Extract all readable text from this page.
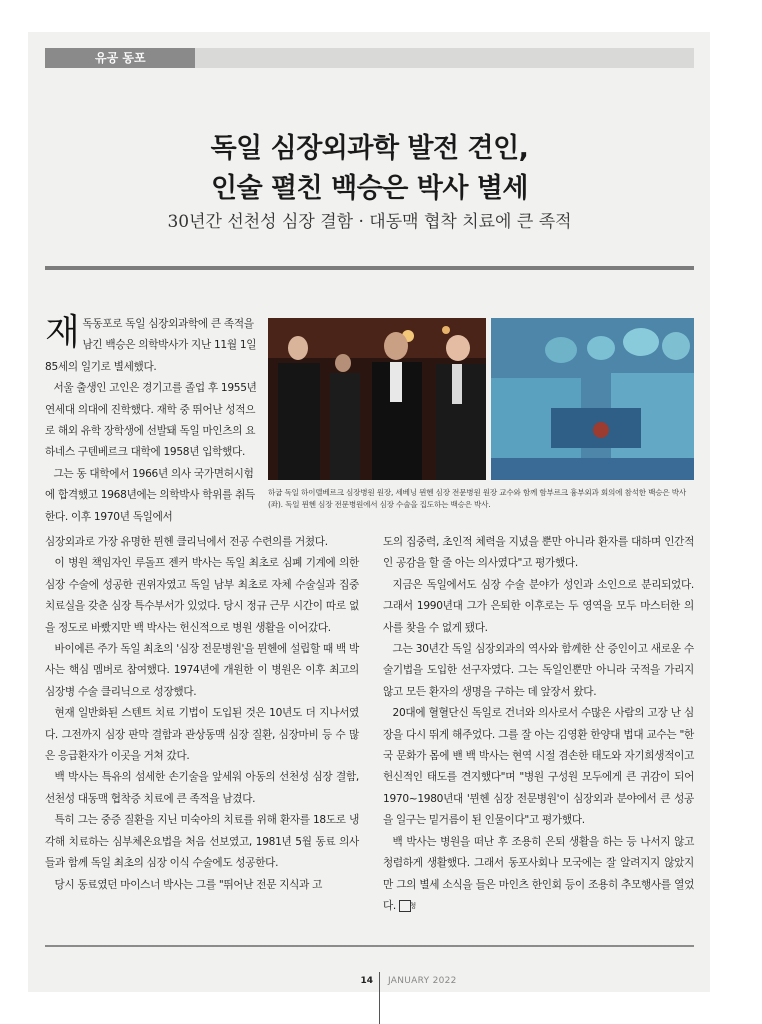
유공 동포
독일 심장외과학 발전 견인,
인술 펼친 백승은 박사 별세
30년간 선천성 심장 결함 · 대동맥 협착 치료에 큰 족적

재독동포로 독일 심장외과학에 큰 족적을 남긴 백승은 의학박사가 지난 11월 1일 85세의 일기로 별세했다.

서울 출생인 고인은 경기고를 졸업 후 1955년 연세대 의대에 진학했다. 재학 중 뛰어난 성적으로 해외 유학 장학생에 선발돼 독일 마인츠의 요하네스 구텐베르크 대학에 1958년 입학했다.

그는 동 대학에서 1966년 의사 국가면허시험에 합격했고 1968년에는 의학박사 학위를 취득한다. 이후 1970년 독일에서

하굽 독일 하이델베르크 심장병원 원장, 세베닝 뮌헨 심장 전문병원 원장 교수와 함께 함부르크 흉부외과 회의에 참석한 백승은 박사(좌). 독일 뮌헨 심장 전문병원에서 심장 수술을 집도하는 백승은 박사.

심장외과로 가장 유명한 뮌헨 클리닉에서 전공 수련의를 거쳤다.

이 병원 책임자인 루돌프 젠커 박사는 독일 최초로 심폐 기계에 의한 심장 수술에 성공한 권위자였고 독일 남부 최초로 자체 수술실과 집중 치료실을 갖춘 심장 특수부서가 있었다. 당시 정규 근무 시간이 따로 없을 정도로 바빴지만 백 박사는 헌신적으로 병원 생활을 이어갔다.

바이에른 주가 독일 최초의 '심장 전문병원'을 뮌헨에 설립할 때 백 박사는 핵심 멤버로 참여했다. 1974년에 개원한 이 병원은 이후 최고의 심장병 수술 클리닉으로 성장했다.

현재 일반화된 스텐트 치료 기법이 도입된 것은 10년도 더 지나서였다. 그전까지 심장 판막 결함과 관상동맥 심장 질환, 심장마비 등 수 많은 응급환자가 이곳을 거쳐 갔다.

백 박사는 특유의 섬세한 손기술을 앞세워 아동의 선천성 심장 결함, 선천성 대동맥 협착증 치료에 큰 족적을 남겼다.

특히 그는 중증 질환을 지닌 미숙아의 치료를 위해 환자를 18도로 냉각해 치료하는 심부체온요법을 처음 선보였고, 1981년 5월 동료 의사들과 함께 독일 최초의 심장 이식 수술에도 성공한다.

당시 동료였던 마이스너 박사는 그를 "뛰어난 전문 지식과 고

도의 집중력, 초인적 체력을 지녔을 뿐만 아니라 환자를 대하며 인간적인 공감을 할 줄 아는 의사였다"고 평가했다.

지금은 독일에서도 심장 수술 분야가 성인과 소인으로 분리되었다. 그래서 1990년대 그가 은퇴한 이후로는 두 영역을 모두 마스터한 의사를 찾을 수 없게 됐다.

그는 30년간 독일 심장외과의 역사와 함께한 산 증인이고 새로운 수술기법을 도입한 선구자였다. 그는 독일인뿐만 아니라 국적을 가리지 않고 모든 환자의 생명을 구하는 데 앞장서 왔다.

20대에 혈혈단신 독일로 건너와 의사로서 수많은 사람의 고장 난 심장을 다시 뛰게 해주었다. 그를 잘 아는 김영환 한양대 법대 교수는 "한국 문화가 몸에 밴 백 박사는 현역 시절 겸손한 태도와 자기희생적이고 헌신적인 태도를 견지했다"며 "병원 구성원 모두에게 큰 귀감이 되어 1970~1980년대 '뮌헨 심장 전문병원'이 심장외과 분야에서 큰 성공을 일구는 밑거름이 된 인물이다"고 평가했다.

백 박사는 병원을 떠난 후 조용히 은퇴 생활을 하는 등 나서지 않고 청렴하게 생활했다. 그래서 동포사회나 모국에는 잘 알려지지 않았지만 그의 별세 소식을 들은 마인츠 한인회 등이 조용히 추모행사를 열었다. 청

14 JANUARY 2022
